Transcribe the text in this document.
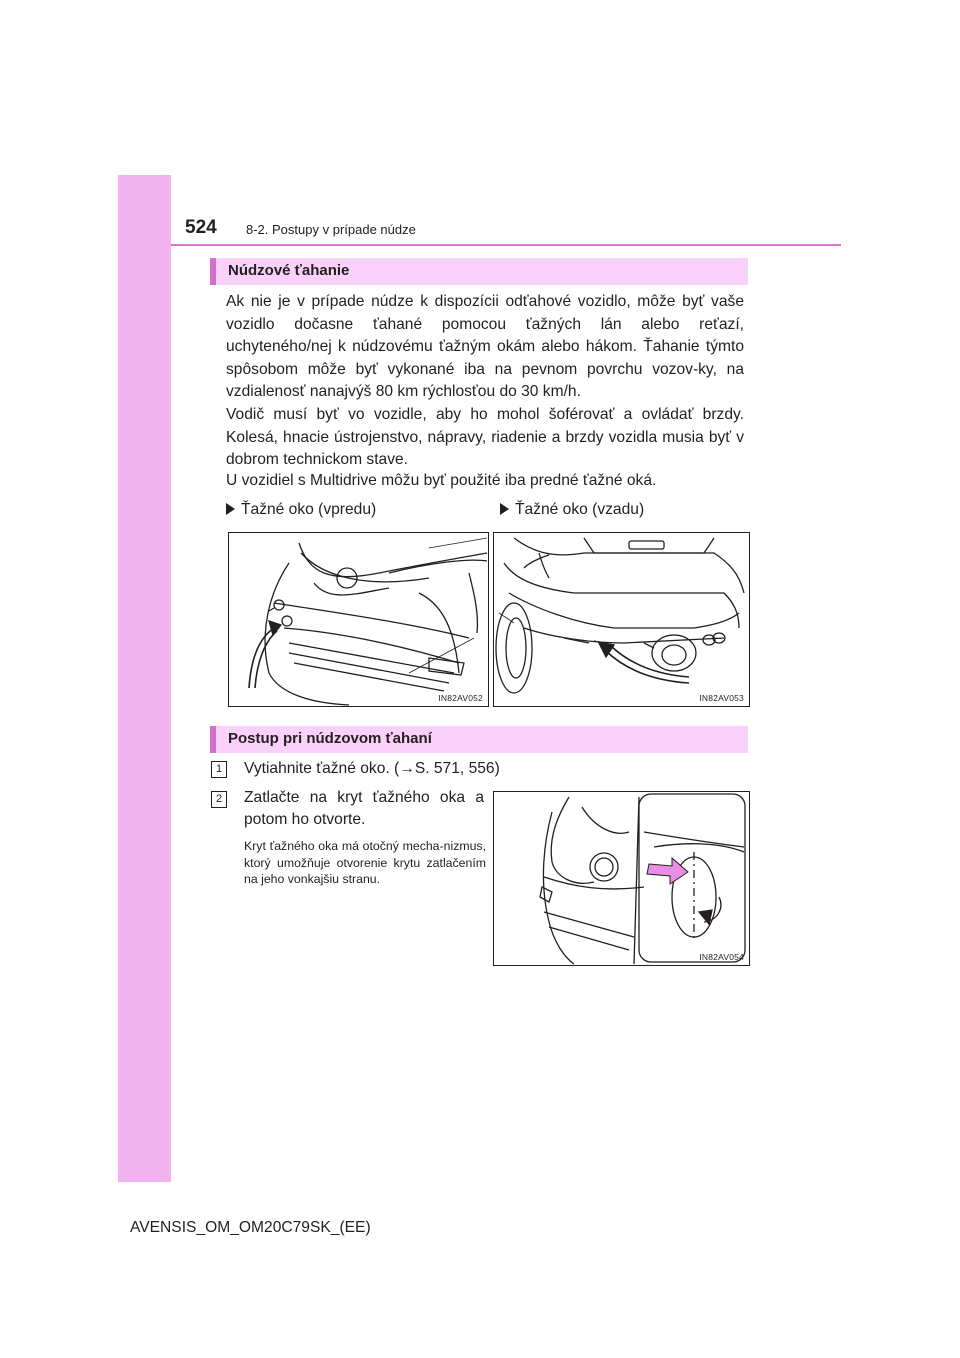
524 8-2. Postupy v prípade núdze
Núdzové ťahanie

Ak nie je v prípade núdze k dispozícii odťahové vozidlo, môže byť vaše vozidlo dočasne ťahané pomocou ťažných lán alebo reťazí, uchyteného/nej k núdzovému ťažným okám alebo hákom. Ťahanie týmto spôsobom môže byť vykonané iba na pevnom povrchu vozov-ky, na vzdialenosť nanajvýš 80 km rýchlosťou do 30 km/h.

Vodič musí byť vo vozidle, aby ho mohol šoférovať a ovládať brzdy. Kolesá, hnacie ústrojenstvo, nápravy, riadenie a brzdy vozidla musia byť v dobrom technickom stave.

U vozidiel s Multidrive môžu byť použité iba predné ťažné oká.

Ťažné oko (vpredu)	Ťažné oko (vzadu)
IN82AV052	IN82AV053
Postup pri núdzovom ťahaní
1	Vytiahnite ťažné oko. (→S. 571, 556)

2	Zatlačte na kryt ťažného oka a potom ho otvorte.

Kryt ťažného oka má otočný mecha-nizmus, ktorý umožňuje otvorenie krytu zatlačením na jeho vonkajšiu stranu.

IN82AV054
AVENSIS_OM_OM20C79SK_(EE)
